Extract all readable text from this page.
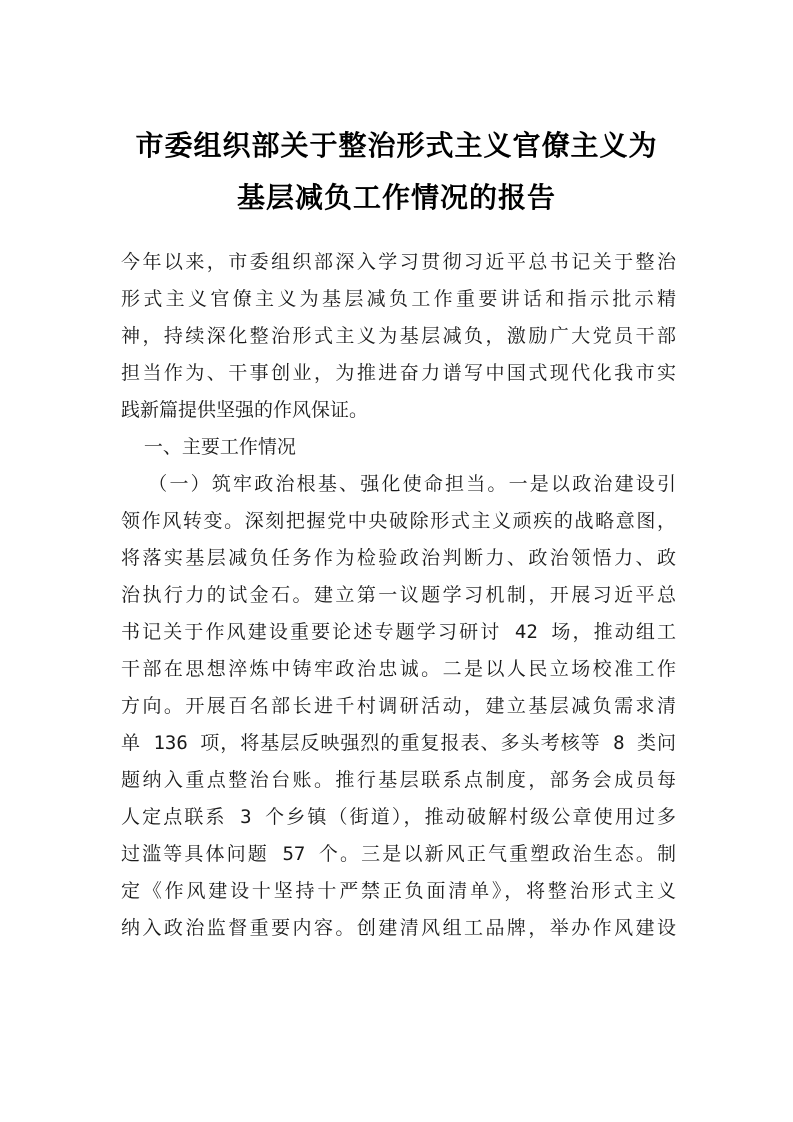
市委组织部关于整治形式主义官僚主义为
基层减负工作情况的报告
今年以来，市委组织部深入学习贯彻习近平总书记关于整治
形式主义官僚主义为基层减负工作重要讲话和指示批示精
神，持续深化整治形式主义为基层减负，激励广大党员干部
担当作为、干事创业，为推进奋力谱写中国式现代化我市实
践新篇提供坚强的作风保证。
一、主要工作情况
（一）筑牢政治根基、强化使命担当。一是以政治建设引
领作风转变。深刻把握党中央破除形式主义顽疾的战略意图，
将落实基层减负任务作为检验政治判断力、政治领悟力、政
治执行力的试金石。建立第一议题学习机制，开展习近平总
书记关于作风建设重要论述专题学习研讨 42 场，推动组工
干部在思想淬炼中铸牢政治忠诚。二是以人民立场校准工作
方向。开展百名部长进千村调研活动，建立基层减负需求清
单 136 项，将基层反映强烈的重复报表、多头考核等 8 类问
题纳入重点整治台账。推行基层联系点制度，部务会成员每
人定点联系 3 个乡镇（街道），推动破解村级公章使用过多
过滥等具体问题 57 个。三是以新风正气重塑政治生态。制
定《作风建设十坚持十严禁正负面清单》，将整治形式主义
纳入政治监督重要内容。创建清风组工品牌，举办作风建设
